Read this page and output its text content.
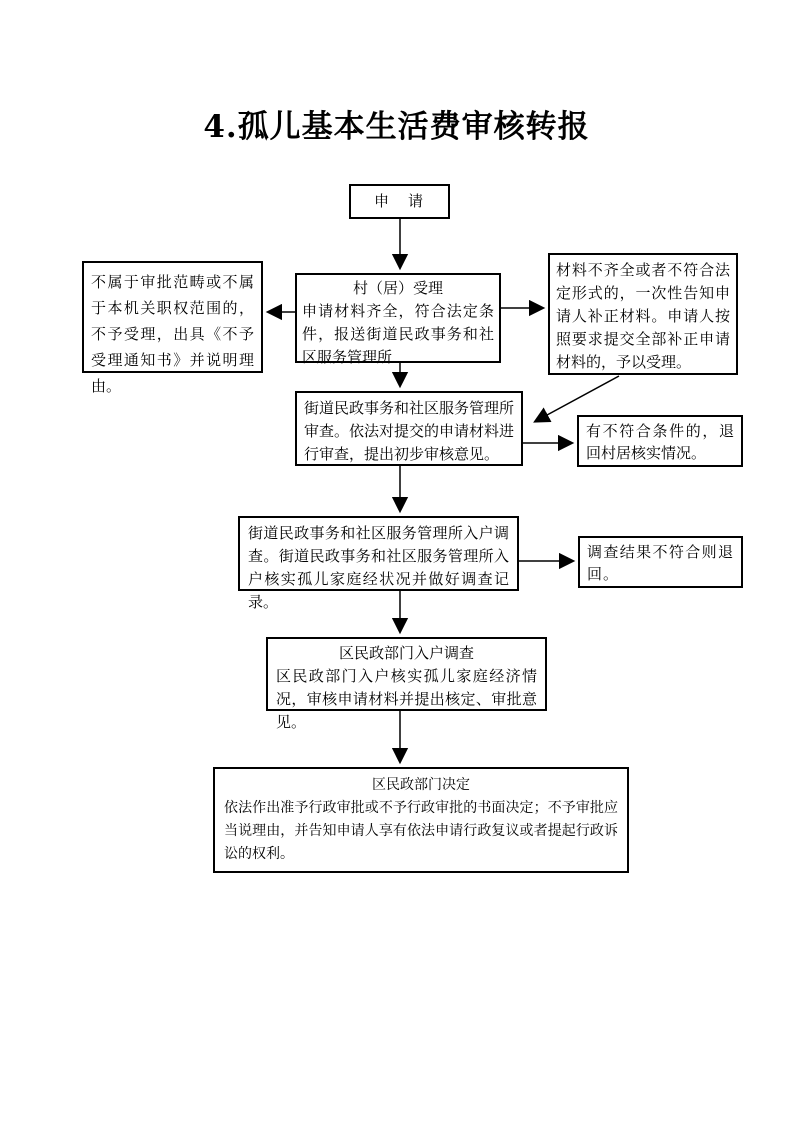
4.孤儿基本生活费审核转报
申　请
村（居）受理
申请材料齐全，符合法定条件，报送街道民政事务和社区服务管理所
不属于审批范畴或不属于本机关职权范围的，不予受理，出具《不予受理通知书》并说明理由。
材料不齐全或者不符合法定形式的，一次性告知申请人补正材料。申请人按照要求提交全部补正申请材料的，予以受理。
街道民政事务和社区服务管理所审查。依法对提交的申请材料进行审查，提出初步审核意见。
有不符合条件的，退回村居核实情况。
街道民政事务和社区服务管理所入户调查。街道民政事务和社区服务管理所入户核实孤儿家庭经状况并做好调查记录。
调查结果不符合则退回。
区民政部门入户调查
区民政部门入户核实孤儿家庭经济情况，审核申请材料并提出核定、审批意见。
区民政部门决定
依法作出准予行政审批或不予行政审批的书面决定；不予审批应当说理由，并告知申请人享有依法申请行政复议或者提起行政诉讼的权利。
